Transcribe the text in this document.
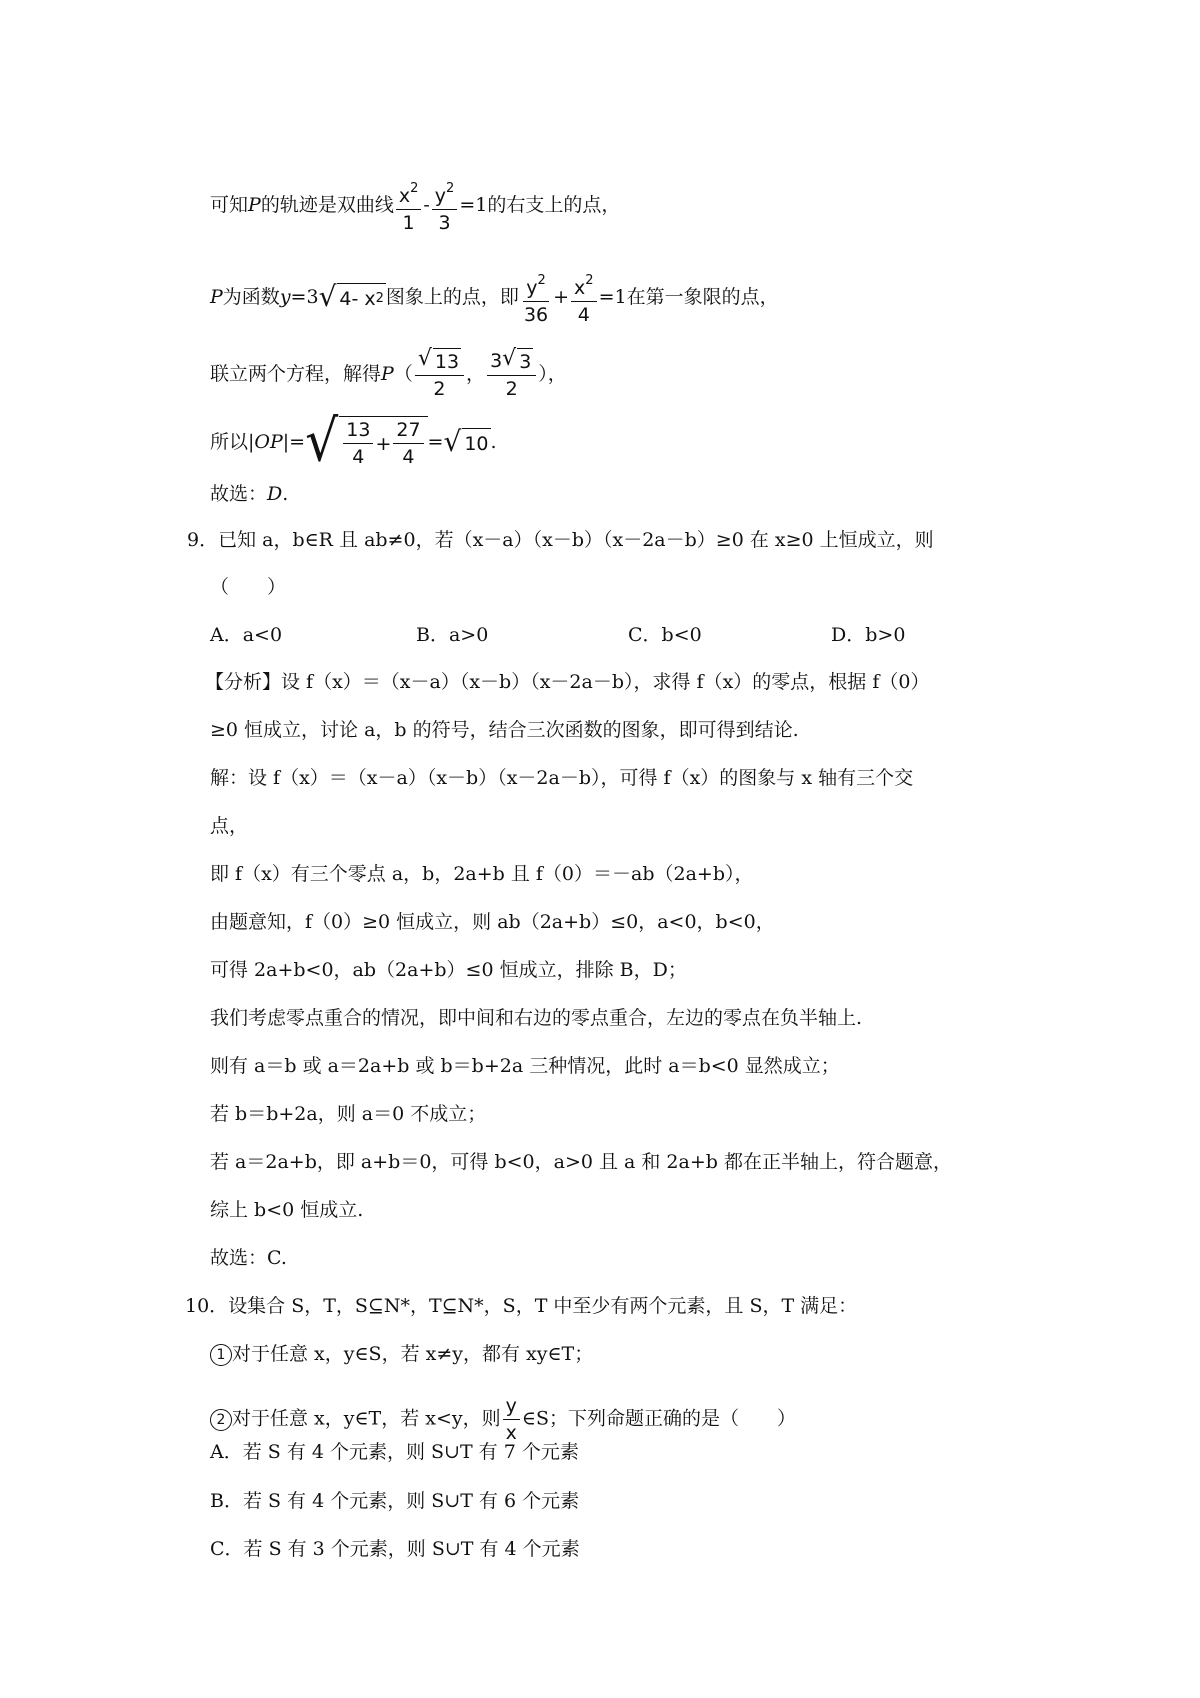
可知P的轨迹是双曲线 $\frac{x^2}{1} - \frac{y^2}{3} =1$的右支上的点，
P为函数y=3 √ 4- x 2 图象上的点，即 $\frac{y^2}{36} + \frac{x^2}{4} =1$在第一象限的点，
联立两个方程，解得$P( \frac{√ 13}{2}$ ， $\frac{3 √ 3}{2}$ ），
所以|OP|= √ $\frac{13}{4} + \frac{27}{4}$ = √ 10 .
故选：D.
9．已知 a，b∈R 且 ab≠0，若（x－a）（x－b）（x－2a－b）≥0 在 x≥0 上恒成立，则
（　　）
A．a<0	B．a>0	C．b<0	D．b>0
【分析】设 f（x）＝（x－a）（x－b）（x－2a－b），求得 f（x）的零点，根据 f（0）
≥0 恒成立，讨论 a，b 的符号，结合三次函数的图象，即可得到结论.
解：设 f（x）＝（x－a）（x－b）（x－2a－b），可得 f（x）的图象与 x 轴有三个交
点，
即 f（x）有三个零点 a，b，2a+b 且 f（0）＝－ab（2a+b），
由题意知，f（0）≥0 恒成立，则 ab（2a+b）≤0，a<0，b<0，
可得 2a+b<0，ab（2a+b）≤0 恒成立，排除 B，D；
我们考虑零点重合的情况，即中间和右边的零点重合，左边的零点在负半轴上.
则有 a＝b 或 a＝2a+b 或 b＝b+2a 三种情况，此时 a＝b<0 显然成立；
若 b＝b+2a，则 a＝0 不成立；
若 a＝2a+b，即 a+b＝0，可得 b<0，a>0 且 a 和 2a+b 都在正半轴上，符合题意，
综上 b<0 恒成立.
故选：C.
10．设集合 S，T，S⊆N*，T⊆N*，S，T 中至少有两个元素，且 S，T 满足：
1 对于任意 x，y∈S，若 x≠y，都有 xy∈T；
2 对于任意 x，y∈T，若 x<y，则 $\frac{y}{x}$ ∈S；下列命题正确的是（　　）
A．若 S 有 4 个元素，则 S∪T 有 7 个元素
B．若 S 有 4 个元素，则 S∪T 有 6 个元素
C．若 S 有 3 个元素，则 S∪T 有 4 个元素
